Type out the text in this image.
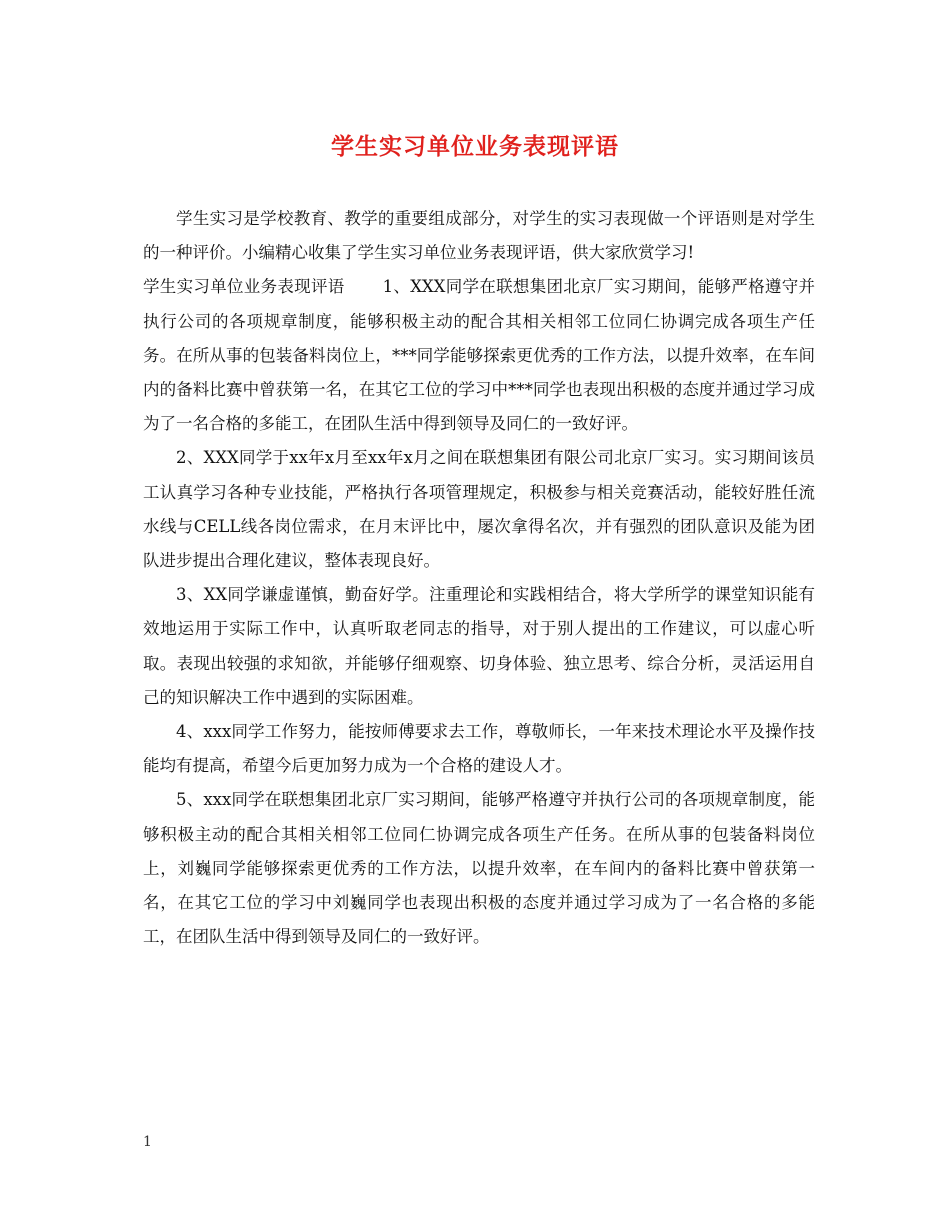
学生实习单位业务表现评语

学生实习是学校教育、教学的重要组成部分，对学生的实习表现做一个评语则是对学生的一种评价。小编精心收集了学生实习单位业务表现评语，供大家欣赏学习!

学生实习单位业务表现评语 1、XXX同学在联想集团北京厂实习期间，能够严格遵守并执行公司的各项规章制度，能够积极主动的配合其相关相邻工位同仁协调完成各项生产任务。在所从事的包装备料岗位上，***同学能够探索更优秀的工作方法，以提升效率，在车间内的备料比赛中曾获第一名，在其它工位的学习中***同学也表现出积极的态度并通过学习成为了一名合格的多能工，在团队生活中得到领导及同仁的一致好评。

2、XXX同学于xx年x月至xx年x月之间在联想集团有限公司北京厂实习。实习期间该员工认真学习各种专业技能，严格执行各项管理规定，积极参与相关竞赛活动，能较好胜任流水线与CELL线各岗位需求，在月末评比中，屡次拿得名次，并有强烈的团队意识及能为团队进步提出合理化建议，整体表现良好。

3、XX同学谦虚谨慎，勤奋好学。注重理论和实践相结合，将大学所学的课堂知识能有效地运用于实际工作中，认真听取老同志的指导，对于别人提出的工作建议，可以虚心听取。表现出较强的求知欲，并能够仔细观察、切身体验、独立思考、综合分析，灵活运用自己的知识解决工作中遇到的实际困难。

4、xxx同学工作努力，能按师傅要求去工作，尊敬师长，一年来技术理论水平及操作技能均有提高，希望今后更加努力成为一个合格的建设人才。

5、xxx同学在联想集团北京厂实习期间，能够严格遵守并执行公司的各项规章制度，能够积极主动的配合其相关相邻工位同仁协调完成各项生产任务。在所从事的包装备料岗位上，刘巍同学能够探索更优秀的工作方法，以提升效率，在车间内的备料比赛中曾获第一名，在其它工位的学习中刘巍同学也表现出积极的态度并通过学习成为了一名合格的多能工，在团队生活中得到领导及同仁的一致好评。

1
